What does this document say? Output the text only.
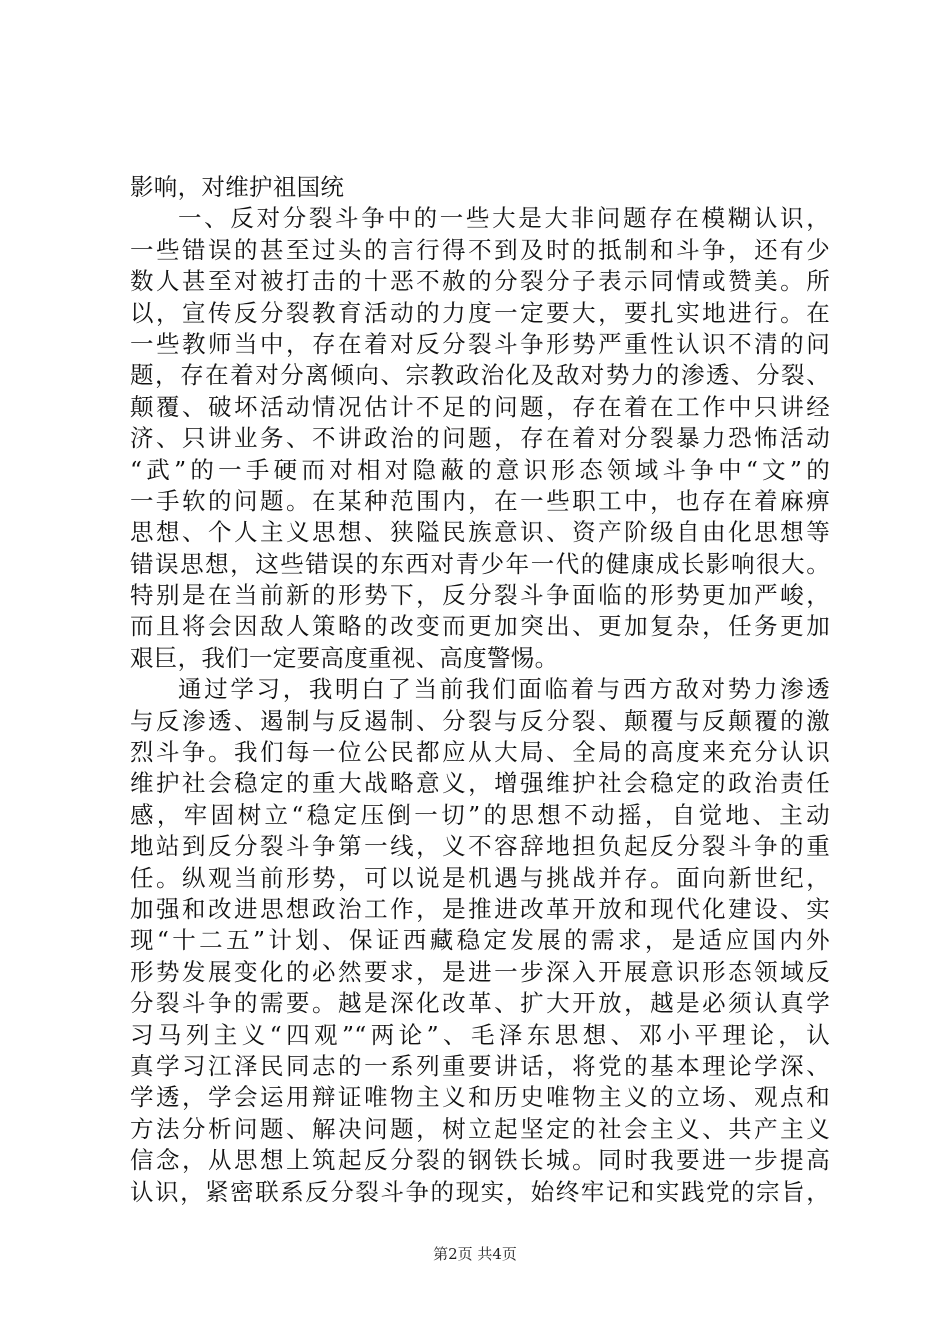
影响，对维护祖国统
一、反对分裂斗争中的一些大是大非问题存在模糊认识，
一些错误的甚至过头的言行得不到及时的抵制和斗争，还有少
数人甚至对被打击的十恶不赦的分裂分子表示同情或赞美。所
以，宣传反分裂教育活动的力度一定要大，要扎实地进行。在
一些教师当中，存在着对反分裂斗争形势严重性认识不清的问
题，存在着对分离倾向、宗教政治化及敌对势力的渗透、分裂、
颠覆、破坏活动情况估计不足的问题，存在着在工作中只讲经
济、只讲业务、不讲政治的问题，存在着对分裂暴力恐怖活动
“武”的一手硬而对相对隐蔽的意识形态领域斗争中“文”的
一手软的问题。在某种范围内，在一些职工中，也存在着麻痹
思想、个人主义思想、狭隘民族意识、资产阶级自由化思想等
错误思想，这些错误的东西对青少年一代的健康成长影响很大。
特别是在当前新的形势下，反分裂斗争面临的形势更加严峻，
而且将会因敌人策略的改变而更加突出、更加复杂，任务更加
艰巨，我们一定要高度重视、高度警惕。
通过学习，我明白了当前我们面临着与西方敌对势力渗透
与反渗透、遏制与反遏制、分裂与反分裂、颠覆与反颠覆的激
烈斗争。我们每一位公民都应从大局、全局的高度来充分认识
维护社会稳定的重大战略意义，增强维护社会稳定的政治责任
感，牢固树立“稳定压倒一切”的思想不动摇，自觉地、主动
地站到反分裂斗争第一线，义不容辞地担负起反分裂斗争的重
任。纵观当前形势，可以说是机遇与挑战并存。面向新世纪，
加强和改进思想政治工作，是推进改革开放和现代化建设、实
现“十二五”计划、保证西藏稳定发展的需求，是适应国内外
形势发展变化的必然要求，是进一步深入开展意识形态领域反
分裂斗争的需要。越是深化改革、扩大开放，越是必须认真学
习马列主义“四观”“两论”、毛泽东思想、邓小平理论，认
真学习江泽民同志的一系列重要讲话，将党的基本理论学深、
学透，学会运用辩证唯物主义和历史唯物主义的立场、观点和
方法分析问题、解决问题，树立起坚定的社会主义、共产主义
信念，从思想上筑起反分裂的钢铁长城。同时我要进一步提高
认识，紧密联系反分裂斗争的现实，始终牢记和实践党的宗旨，
第2页 共4页
